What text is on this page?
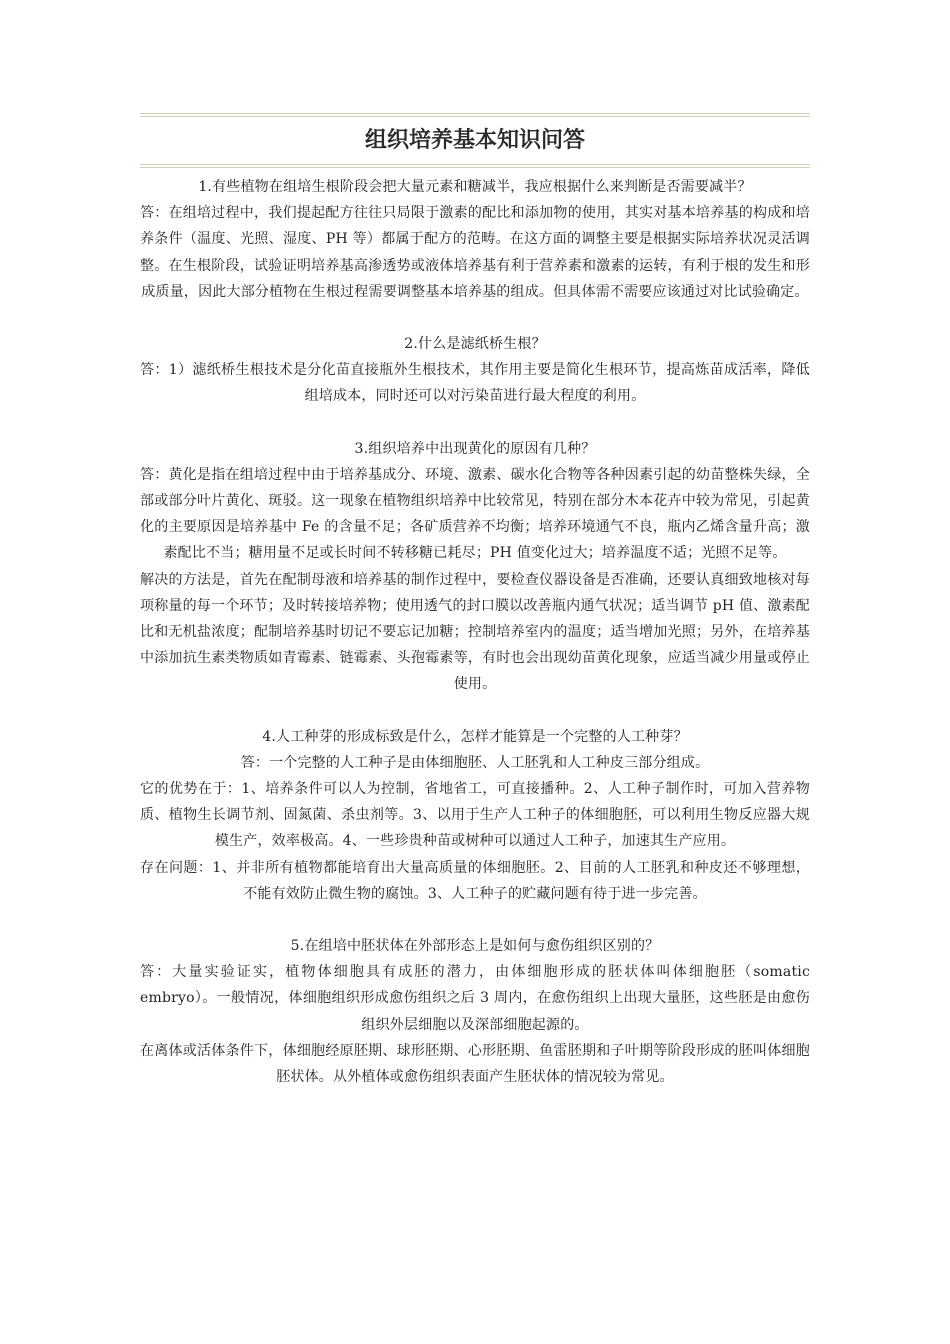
组织培养基本知识问答

1.有些植物在组培生根阶段会把大量元素和糖减半，我应根据什么来判断是否需要减半？

答：在组培过程中，我们提起配方往往只局限于激素的配比和添加物的使用，其实对基本培养基的构成和培养条件（温度、光照、湿度、PH 等）都属于配方的范畴。在这方面的调整主要是根据实际培养状况灵活调整。在生根阶段，试验证明培养基高渗透势或液体培养基有利于营养素和激素的运转，有利于根的发生和形成质量，因此大部分植物在生根过程需要调整基本培养基的组成。但具体需不需要应该通过对比试验确定。

2.什么是滤纸桥生根？

答：1）滤纸桥生根技术是分化苗直接瓶外生根技术，其作用主要是简化生根环节，提高炼苗成活率，降低组培成本，同时还可以对污染苗进行最大程度的利用。

3.组织培养中出现黄化的原因有几种？

答：黄化是指在组培过程中由于培养基成分、环境、激素、碳水化合物等各种因素引起的幼苗整株失绿，全部或部分叶片黄化、斑驳。这一现象在植物组织培养中比较常见，特别在部分木本花卉中较为常见，引起黄化的主要原因是培养基中 Fe 的含量不足；各矿质营养不均衡；培养环境通气不良，瓶内乙烯含量升高；激素配比不当；糖用量不足或长时间不转移糖已耗尽；PH 值变化过大；培养温度不适；光照不足等。

解决的方法是，首先在配制母液和培养基的制作过程中，要检查仪器设备是否准确，还要认真细致地核对每项称量的每一个环节；及时转接培养物；使用透气的封口膜以改善瓶内通气状况；适当调节 pH 值、激素配比和无机盐浓度；配制培养基时切记不要忘记加糖；控制培养室内的温度；适当增加光照；另外，在培养基中添加抗生素类物质如青霉素、链霉素、头孢霉素等，有时也会出现幼苗黄化现象，应适当减少用量或停止使用。

4.人工种芽的形成标致是什么，怎样才能算是一个完整的人工种芽？

答：一个完整的人工种子是由体细胞胚、人工胚乳和人工种皮三部分组成。

它的优势在于：1、培养条件可以人为控制，省地省工，可直接播种。2、人工种子制作时，可加入营养物质、植物生长调节剂、固氮菌、杀虫剂等。3、以用于生产人工种子的体细胞胚，可以利用生物反应器大规模生产，效率极高。4、一些珍贵种苗或树种可以通过人工种子，加速其生产应用。

存在问题：1、并非所有植物都能培育出大量高质量的体细胞胚。2、目前的人工胚乳和种皮还不够理想，不能有效防止微生物的腐蚀。3、人工种子的贮藏问题有待于进一步完善。

5.在组培中胚状体在外部形态上是如何与愈伤组织区别的？

答：大量实验证实，植物体细胞具有成胚的潜力，由体细胞形成的胚状体叫体细胞胚（somatic embryo）。一般情况，体细胞组织形成愈伤组织之后 3 周内，在愈伤组织上出现大量胚，这些胚是由愈伤组织外层细胞以及深部细胞起源的。

在离体或活体条件下，体细胞经原胚期、球形胚期、心形胚期、鱼雷胚期和子叶期等阶段形成的胚叫体细胞胚状体。从外植体或愈伤组织表面产生胚状体的情况较为常见。
